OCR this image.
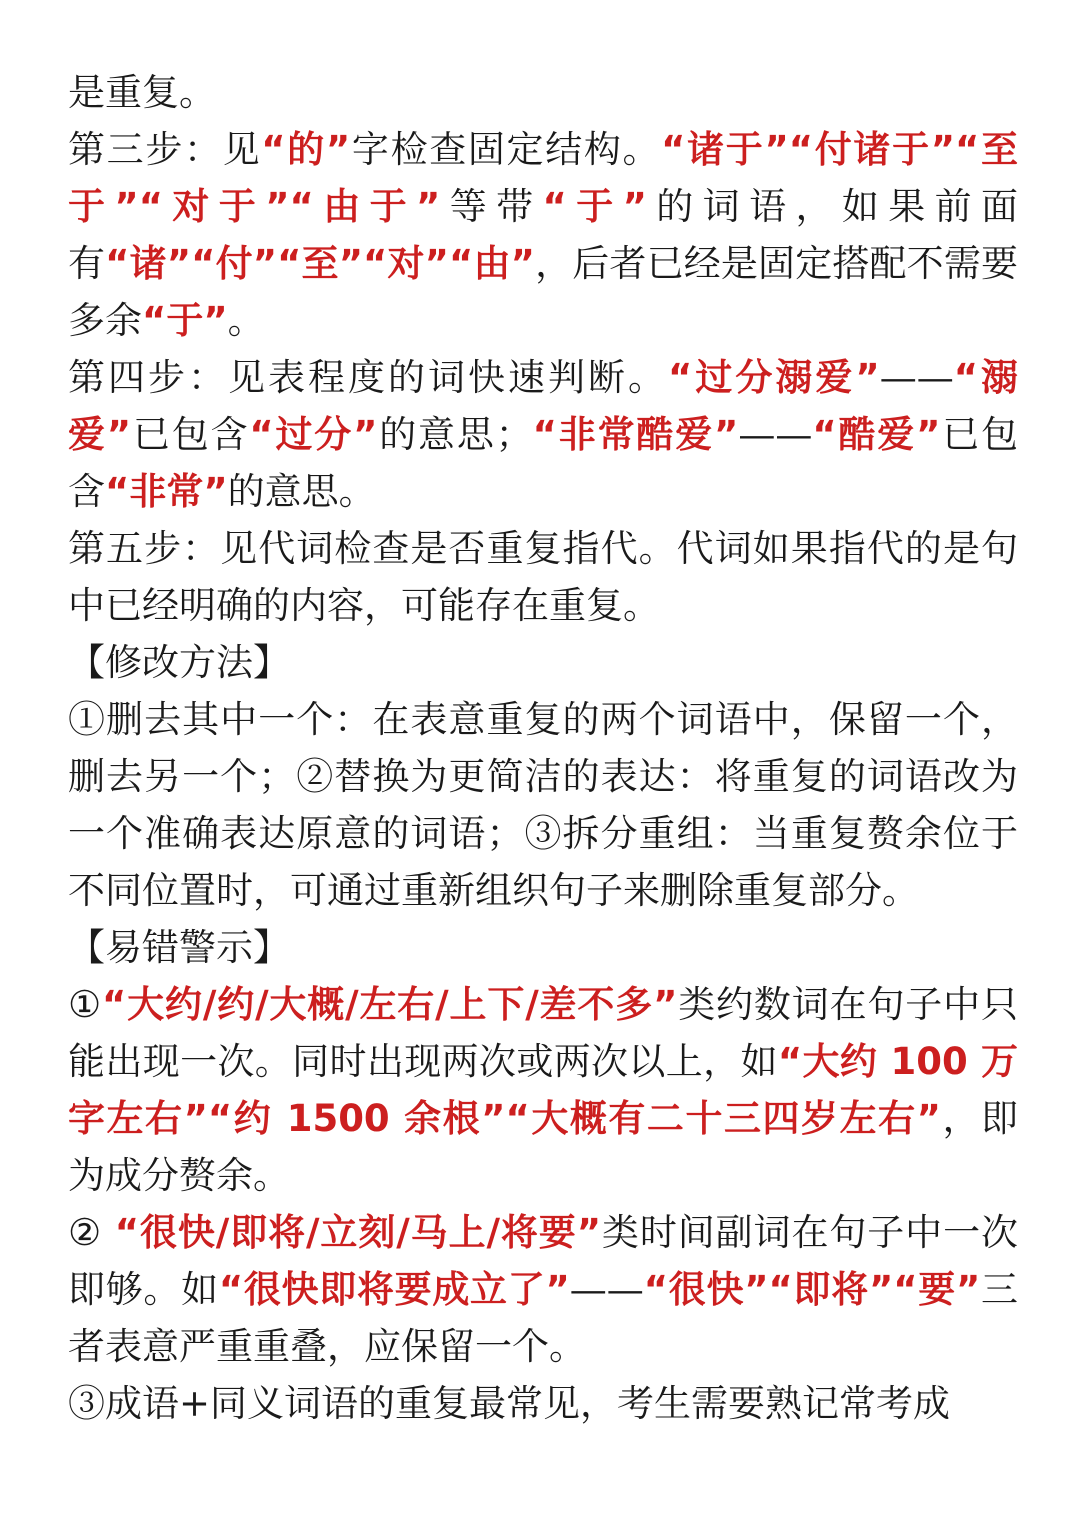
是重复。

第三步：见“的”字检查固定结构。“诸于”“付诸于”“至于”“对于”“由于”等带“于”的词语，如果前面有“诸”“付”“至”“对”“由”，后者已经是固定搭配不需要多余“于”。

第四步：见表程度的词快速判断。“过分溺爱”——“溺爱”已包含“过分”的意思；“非常酷爱”——“酷爱”已包含“非常”的意思。

第五步：见代词检查是否重复指代。代词如果指代的是句中已经明确的内容，可能存在重复。

【修改方法】

①删去其中一个：在表意重复的两个词语中，保留一个，删去另一个；②替换为更简洁的表达：将重复的词语改为一个准确表达原意的词语；③拆分重组：当重复赘余位于不同位置时，可通过重新组织句子来删除重复部分。

【易错警示】

①“大约/约/大概/左右/上下/差不多”类约数词在句子中只能出现一次。同时出现两次或两次以上，如“大约 100 万字左右”“约 1500 余根”“大概有二十三四岁左右”，即为成分赘余。

② “很快/即将/立刻/马上/将要”类时间副词在句子中一次即够。如“很快即将要成立了”——“很快”“即将”“要”三者表意严重重叠，应保留一个。

③成语+同义词语的重复最常见，考生需要熟记常考成
